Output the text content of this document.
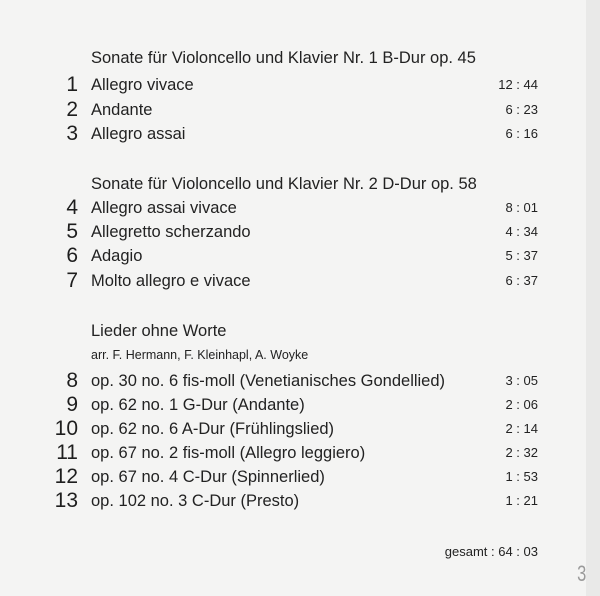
Sonate für Violoncello und Klavier Nr. 1 B-Dur op. 45
1 Allegro vivace	12 : 44
2 Andante	6 : 23
3 Allegro assai	6 : 16
Sonate für Violoncello und Klavier Nr. 2 D-Dur op. 58
4 Allegro assai vivace	8 : 01
5 Allegretto scherzando	4 : 34
6 Adagio	5 : 37
7 Molto allegro e vivace	6 : 37
Lieder ohne Worte
arr. F. Hermann, F. Kleinhapl, A. Woyke
8 op. 30 no. 6 fis-moll (Venetianisches Gondellied)	3 : 05
9 op. 62 no. 1 G-Dur (Andante)	2 : 06
10 op. 62 no. 6 A-Dur (Frühlingslied)	2 : 14
11 op. 67 no. 2 fis-moll (Allegro leggiero)	2 : 32
12 op. 67 no. 4 C-Dur (Spinnerlied)	1 : 53
13 op. 102 no. 3 C-Dur (Presto)	1 : 21
gesamt : 64 : 03
3
